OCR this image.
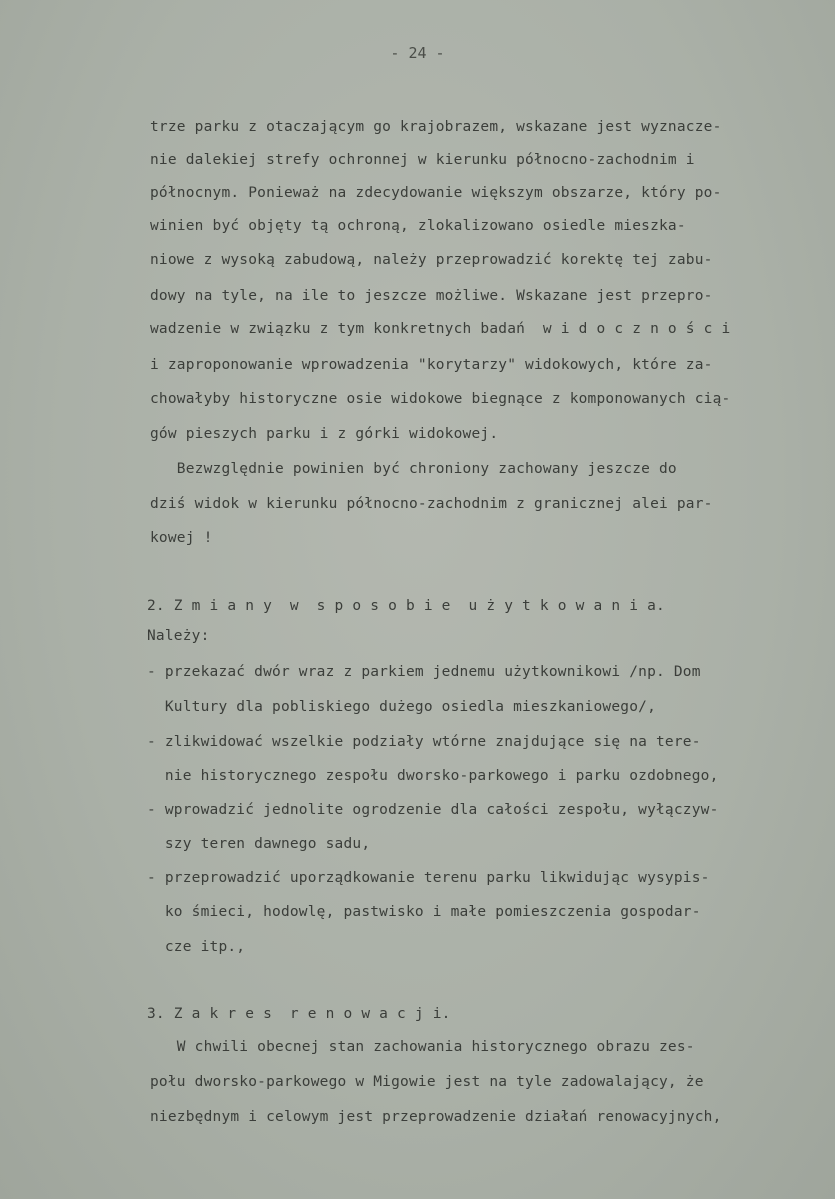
- 24 -
trze parku z otaczającym go krajobrazem, wskazane jest wyznacze-
nie dalekiej strefy ochronnej w kierunku północno-zachodnim i
północnym. Ponieważ na zdecydowanie większym obszarze, który po-
winien być objęty tą ochroną, zlokalizowano osiedle mieszka-
niowe z wysoką zabudową, należy przeprowadzić korektę tej zabu-
dowy na tyle, na ile to jeszcze możliwe. Wskazane jest przepro-
wadzenie w związku z tym konkretnych badań  w i d o c z n o ś c i
i zaproponowanie wprowadzenia "korytarzy" widokowych, które za-
chowałyby historyczne osie widokowe biegnące z komponowanych cią-
gów pieszych parku i z górki widokowej.
Bezwzględnie powinien być chroniony zachowany jeszcze do
dziś widok w kierunku północno-zachodnim z granicznej alei par-
kowej !
2. Z m i a n y  w  s p o s o b i e  u ż y t k o w a n i a.
Należy:
- przekazać dwór wraz z parkiem jednemu użytkownikowi /np. Dom
Kultury dla pobliskiego dużego osiedla mieszkaniowego/,
- zlikwidować wszelkie podziały wtórne znajdujące się na tere-
nie historycznego zespołu dworsko-parkowego i parku ozdobnego,
- wprowadzić jednolite ogrodzenie dla całości zespołu, wyłączyw-
szy teren dawnego sadu,
- przeprowadzić uporządkowanie terenu parku likwidując wysypis-
ko śmieci, hodowlę, pastwisko i małe pomieszczenia gospodar-
cze itp.,
3. Z a k r e s  r e n o w a c j i.
W chwili obecnej stan zachowania historycznego obrazu zes-
połu dworsko-parkowego w Migowie jest na tyle zadowalający, że
niezbędnym i celowym jest przeprowadzenie działań renowacyjnych,
